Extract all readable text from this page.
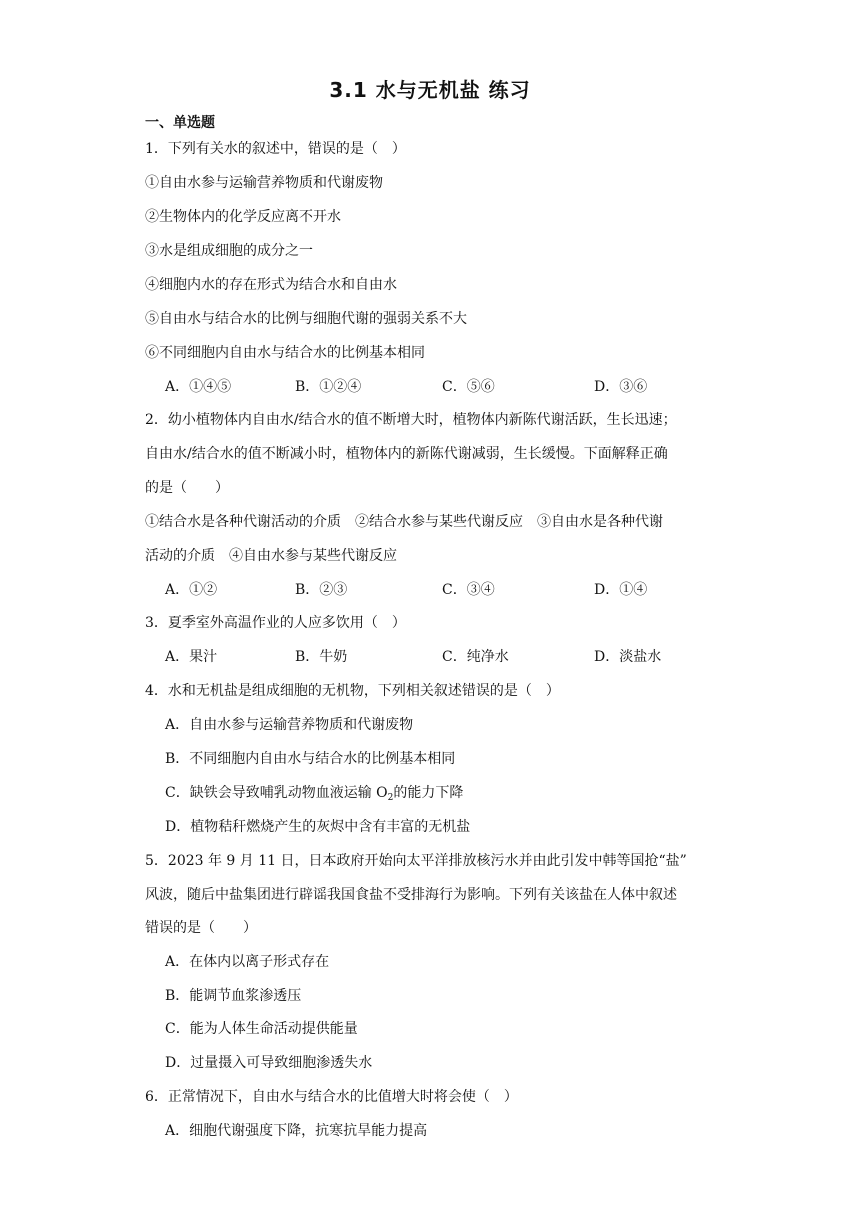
3.1 水与无机盐 练习
一、单选题
1．下列有关水的叙述中，错误的是（　）
①自由水参与运输营养物质和代谢废物
②生物体内的化学反应离不开水
③水是组成细胞的成分之一
④细胞内水的存在形式为结合水和自由水
⑤自由水与结合水的比例与细胞代谢的强弱关系不大
⑥不同细胞内自由水与结合水的比例基本相同
A．①④⑤	B．①②④	C．⑤⑥	D．③⑥
2．幼小植物体内自由水/结合水的值不断增大时，植物体内新陈代谢活跃，生长迅速；
自由水/结合水的值不断减小时，植物体内的新陈代谢减弱，生长缓慢。下面解释正确
的是（　　）
①结合水是各种代谢活动的介质　②结合水参与某些代谢反应　③自由水是各种代谢
活动的介质　④自由水参与某些代谢反应
A．①②	B．②③	C．③④	D．①④
3．夏季室外高温作业的人应多饮用（　）
A．果汁	B．牛奶	C．纯净水	D．淡盐水
4．水和无机盐是组成细胞的无机物，下列相关叙述错误的是（　）
A．自由水参与运输营养物质和代谢废物
B．不同细胞内自由水与结合水的比例基本相同
C．缺铁会导致哺乳动物血液运输 $O_2$的能力下降
D．植物秸秆燃烧产生的灰烬中含有丰富的无机盐
5．2023 年 9 月 11 日，日本政府开始向太平洋排放核污水并由此引发中韩等国抢“盐”
风波，随后中盐集团进行辟谣我国食盐不受排海行为影响。下列有关该盐在人体中叙述
错误的是（　　）
A．在体内以离子形式存在
B．能调节血浆渗透压
C．能为人体生命活动提供能量
D．过量摄入可导致细胞渗透失水
6．正常情况下，自由水与结合水的比值增大时将会使（　）
A．细胞代谢强度下降，抗寒抗旱能力提高
